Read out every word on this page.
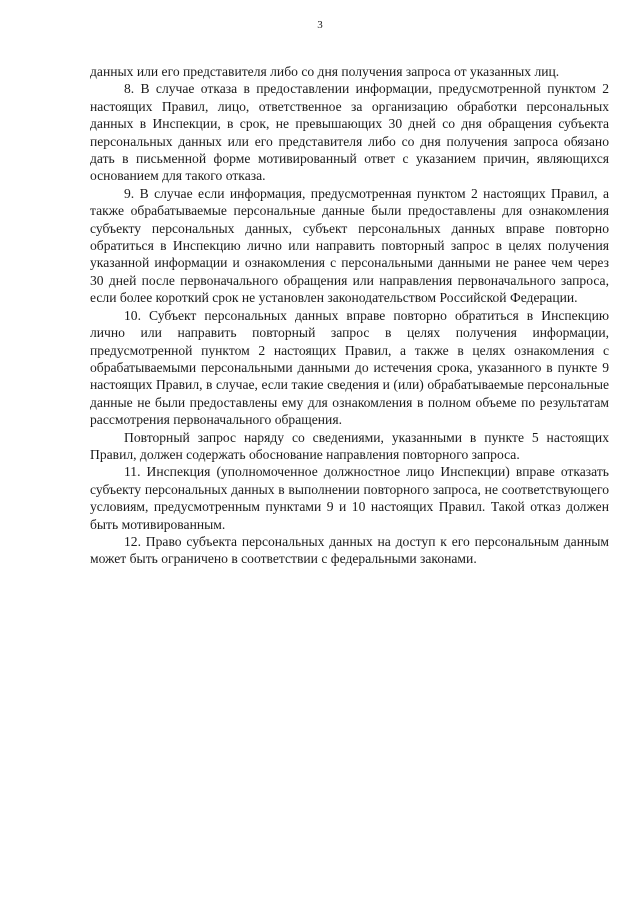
3

данных или его представителя либо со дня получения запроса от указанных лиц.

8. В случае отказа в предоставлении информации, предусмотренной пунктом 2 настоящих Правил, лицо, ответственное за организацию обработки персональных данных в Инспекции, в срок, не превышающих 30 дней со дня обращения субъекта персональных данных или его представителя либо со дня получения запроса обязано дать в письменной форме мотивированный ответ с указанием причин, являющихся основанием для такого отказа.

9. В случае если информация, предусмотренная пунктом 2 настоящих Правил, а также обрабатываемые персональные данные были предоставлены для ознакомления субъекту персональных данных, субъект персональных данных вправе повторно обратиться в Инспекцию лично или направить повторный запрос в целях получения указанной информации и ознакомления с персональными данными не ранее чем через 30 дней после первоначального обращения или направления первоначального запроса, если более короткий срок не установлен законодательством Российской Федерации.

10. Субъект персональных данных вправе повторно обратиться в Инспекцию лично или направить повторный запрос в целях получения информации, предусмотренной пунктом 2 настоящих Правил, а также в целях ознакомления с обрабатываемыми персональными данными до истечения срока, указанного в пункте 9 настоящих Правил, в случае, если такие сведения и (или) обрабатываемые персональные данные не были предоставлены ему для ознакомления в полном объеме по результатам рассмотрения первоначального обращения.

Повторный запрос наряду со сведениями, указанными в пункте 5 настоящих Правил, должен содержать обоснование направления повторного запроса.

11. Инспекция (уполномоченное должностное лицо Инспекции) вправе отказать субъекту персональных данных в выполнении повторного запроса, не соответствующего условиям, предусмотренным пунктами 9 и 10 настоящих Правил. Такой отказ должен быть мотивированным.

12. Право субъекта персональных данных на доступ к его персональным данным может быть ограничено в соответствии с федеральными законами.
